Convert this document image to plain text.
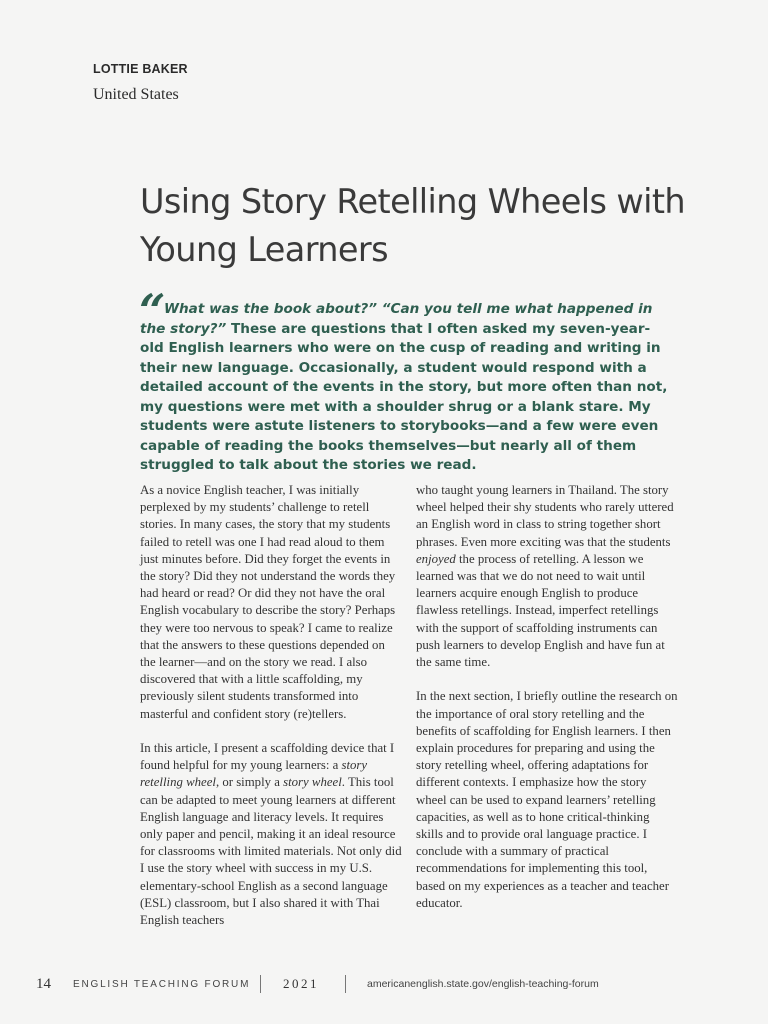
LOTTIE BAKER
United States
Using Story Retelling Wheels with Young Learners
“

What was the book about?” “Can you tell me what happened in the story?” These are questions that I often asked my seven-year-old English learners who were on the cusp of reading and writing in their new language. Occasionally, a student would respond with a detailed account of the events in the story, but more often than not, my questions were met with a shoulder shrug or a blank stare. My students were astute listeners to storybooks—and a few were even capable of reading the books themselves—but nearly all of them struggled to talk about the stories we read.

As a novice English teacher, I was initially perplexed by my students’ challenge to retell stories. In many cases, the story that my students failed to retell was one I had read aloud to them just minutes before. Did they forget the events in the story? Did they not understand the words they had heard or read? Or did they not have the oral English vocabulary to describe the story? Perhaps they were too nervous to speak? I came to realize that the answers to these questions depended on the learner—and on the story we read. I also discovered that with a little scaffolding, my previously silent students transformed into masterful and confident story (re)tellers.

In this article, I present a scaffolding device that I found helpful for my young learners: a story retelling wheel, or simply a story wheel. This tool can be adapted to meet young learners at different English language and literacy levels. It requires only paper and pencil, making it an ideal resource for classrooms with limited materials. Not only did I use the story wheel with success in my U.S. elementary-school English as a second language (ESL) classroom, but I also shared it with Thai English teachers

who taught young learners in Thailand. The story wheel helped their shy students who rarely uttered an English word in class to string together short phrases. Even more exciting was that the students enjoyed the process of retelling. A lesson we learned was that we do not need to wait until learners acquire enough English to produce flawless retellings. Instead, imperfect retellings with the support of scaffolding instruments can push learners to develop English and have fun at the same time.

In the next section, I briefly outline the research on the importance of oral story retelling and the benefits of scaffolding for English learners. I then explain procedures for preparing and using the story retelling wheel, offering adaptations for different contexts. I emphasize how the story wheel can be used to expand learners’ retelling capacities, as well as to hone critical-thinking skills and to provide oral language practice. I conclude with a summary of practical recommendations for implementing this tool, based on my experiences as a teacher and teacher educator.

14 ENGLISH TEACHING FORUM	2021	americanenglish.state.gov/english-teaching-forum
